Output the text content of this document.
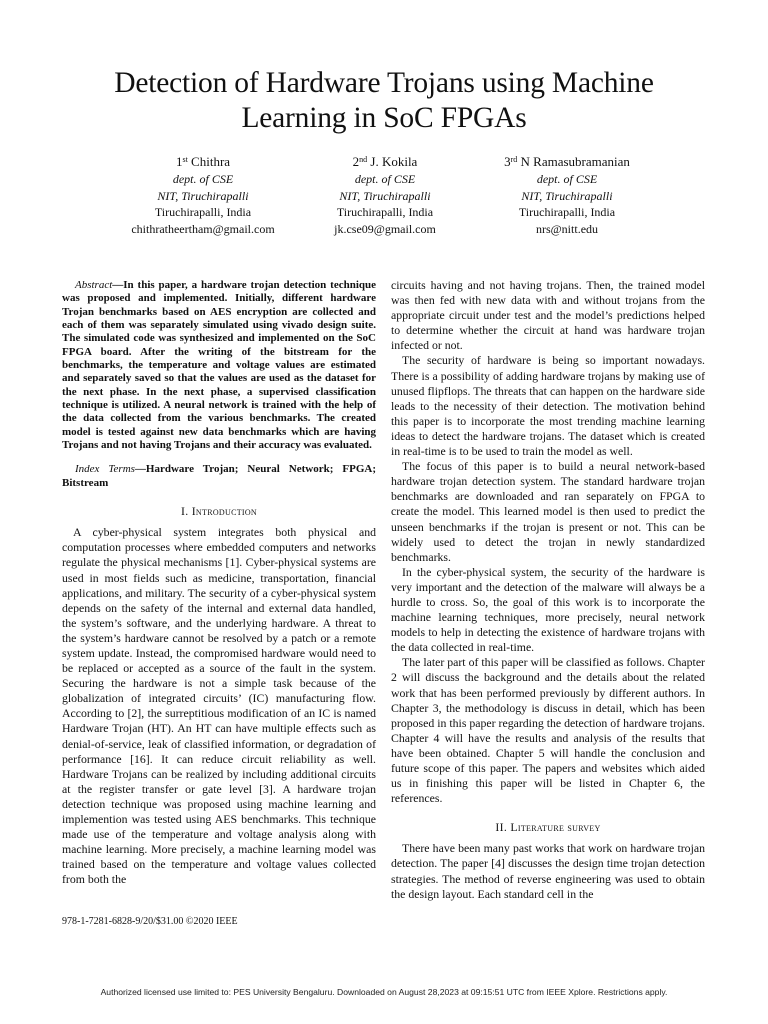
Detection of Hardware Trojans using Machine Learning in SoC FPGAs
1st Chithra
dept. of CSE
NIT, Tiruchirapalli
Tiruchirapalli, India
chithratheertham@gmail.com
2nd J. Kokila
dept. of CSE
NIT, Tiruchirapalli
Tiruchirapalli, India
jk.cse09@gmail.com
3rd N Ramasubramanian
dept. of CSE
NIT, Tiruchirapalli
Tiruchirapalli, India
nrs@nitt.edu

Abstract—In this paper, a hardware trojan detection technique was proposed and implemented. Initially, different hardware Trojan benchmarks based on AES encryption are collected and each of them was separately simulated using vivado design suite. The simulated code was synthesized and implemented on the SoC FPGA board. After the writing of the bitstream for the benchmarks, the temperature and voltage values are estimated and separately saved so that the values are used as the dataset for the next phase. In the next phase, a supervised classification technique is utilized. A neural network is trained with the help of the data collected from the various benchmarks. The created model is tested against new data benchmarks which are having Trojans and not having Trojans and their accuracy was evaluated.

Index Terms—Hardware Trojan; Neural Network; FPGA; Bitstream

I. Introduction

A cyber-physical system integrates both physical and computation processes where embedded computers and networks regulate the physical mechanisms [1]. Cyber-physical systems are used in most fields such as medicine, transportation, financial applications, and military. The security of a cyber-physical system depends on the safety of the internal and external data handled, the system’s software, and the underlying hardware. A threat to the system’s hardware cannot be resolved by a patch or a remote system update. Instead, the compromised hardware would need to be replaced or accepted as a source of the fault in the system. Securing the hardware is not a simple task because of the globalization of integrated circuits’ (IC) manufacturing flow. According to [2], the surreptitious modification of an IC is named Hardware Trojan (HT). An HT can have multiple effects such as denial-of-service, leak of classified information, or degradation of performance [16]. It can reduce circuit reliability as well. Hardware Trojans can be realized by including additional circuits at the register transfer or gate level [3]. A hardware trojan detection technique was proposed using machine learning and implemention was tested using AES benchmarks. This technique made use of the temperature and voltage analysis along with machine learning. More precisely, a machine learning model was trained based on the temperature and voltage values collected from both the

circuits having and not having trojans. Then, the trained model was then fed with new data with and without trojans from the appropriate circuit under test and the model’s predictions helped to determine whether the circuit at hand was hardware trojan infected or not.

The security of hardware is being so important nowadays. There is a possibility of adding hardware trojans by making use of unused flipflops. The threats that can happen on the hardware side leads to the necessity of their detection. The motivation behind this paper is to incorporate the most trending machine learning ideas to detect the hardware trojans. The dataset which is created in real-time is to be used to train the model as well.

The focus of this paper is to build a neural network-based hardware trojan detection system. The standard hardware trojan benchmarks are downloaded and ran separately on FPGA to create the model. This learned model is then used to predict the unseen benchmarks if the trojan is present or not. This can be widely used to detect the trojan in newly standardized benchmarks.

In the cyber-physical system, the security of the hardware is very important and the detection of the malware will always be a hurdle to cross. So, the goal of this work is to incorporate the machine learning techniques, more precisely, neural network models to help in detecting the existence of hardware trojans with the data collected in real-time.

The later part of this paper will be classified as follows. Chapter 2 will discuss the background and the details about the related work that has been performed previously by different authors. In Chapter 3, the methodology is discuss in detail, which has been proposed in this paper regarding the detection of hardware trojans. Chapter 4 will have the results and analysis of the results that have been obtained. Chapter 5 will handle the conclusion and future scope of this paper. The papers and websites which aided us in finishing this paper will be listed in Chapter 6, the references.

II. Literature survey

There have been many past works that work on hardware trojan detection. The paper [4] discusses the design time trojan detection strategies. The method of reverse engineering was used to obtain the design layout. Each standard cell in the

978-1-7281-6828-9/20/$31.00 ©2020 IEEE
Authorized licensed use limited to: PES University Bengaluru. Downloaded on August 28,2023 at 09:15:51 UTC from IEEE Xplore. Restrictions apply.
